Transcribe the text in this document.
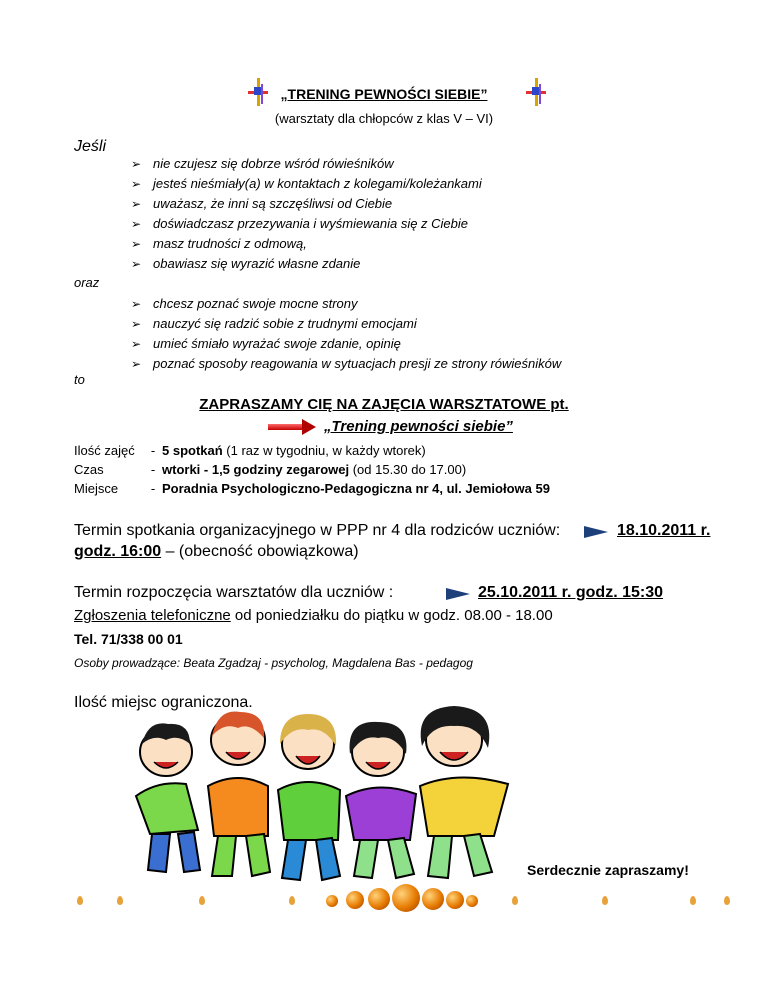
„TRENING PEWNOŚCI SIEBIE”
(warsztaty dla chłopców z klas V – VI)
Jeśli
➢ nie czujesz się dobrze wśród rówieśników
➢ jesteś nieśmiały(a) w kontaktach z kolegami/koleżankami
➢ uważasz, że inni są szczęśliwsi od Ciebie
➢ doświadczasz przezywania i wyśmiewania się z Ciebie
➢ masz trudności z odmową,
➢ obawiasz się wyrazić własne zdanie
oraz
➢ chcesz poznać swoje mocne strony
➢ nauczyć się radzić sobie z trudnymi emocjami
➢ umieć śmiało wyrażać swoje zdanie, opinię
➢ poznać sposoby reagowania w sytuacjach presji ze strony rówieśników
to
ZAPRASZAMY CIĘ NA ZAJĘCIA WARSZTATOWE pt.
„Trening pewności siebie”
Ilość zajęć - 5 spotkań (1 raz w tygodniu, w każdy wtorek)
Czas	- wtorki - 1,5 godziny zegarowej (od 15.30 do 17.00)
Miejsce	- Poradnia Psychologiczno-Pedagogiczna nr 4, ul. Jemiołowa 59
Termin spotkania organizacyjnego w PPP nr 4 dla rodziców uczniów:	18.10.2011 r.
godz. 16:00 – (obecność obowiązkowa)
Termin rozpoczęcia warsztatów dla uczniów :	25.10.2011 r. godz. 15:30
Zgłoszenia telefoniczne od poniedziałku do piątku w godz. 08.00 - 18.00
Tel. 71/338 00 01
Osoby prowadzące: Beata Zgadzaj - psycholog, Magdalena Bas - pedagog
Ilość miejsc ograniczona.
Serdecznie zapraszamy!
